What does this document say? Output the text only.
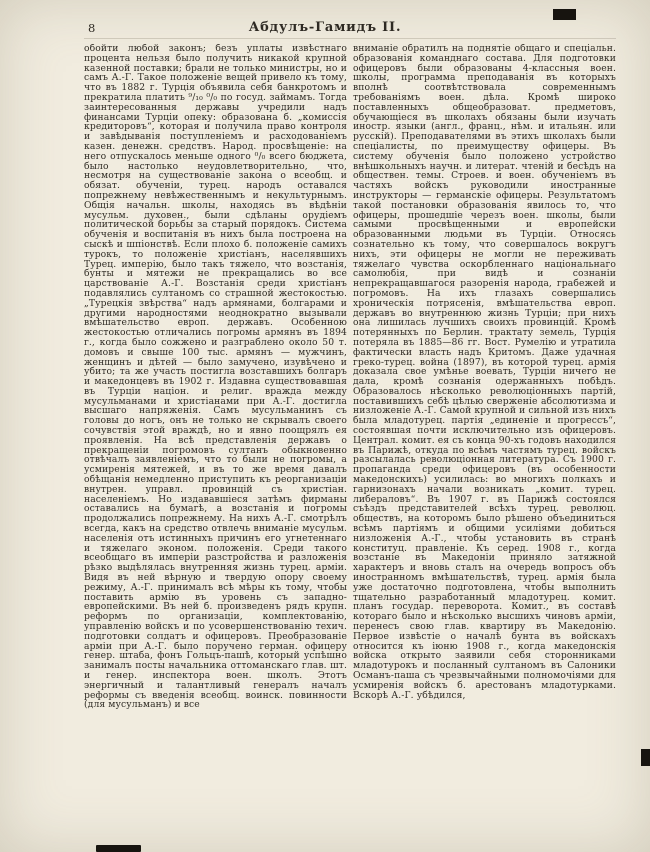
8	Абдулъ-Гамидъ II.
обойти любой законъ; безъ уплаты извѣстнаго процента нельзя было получить никакой крупной казенной поставки; брали не только министры, но и самъ А.-Г. Такое положеніе вещей привело къ тому, что въ 1882 г. Турція объявила себя банкротомъ и прекратила платить ⁹/₁₀ ⁰/₀ по госуд. займамъ. Тогда заинтересованныя державы учредили надъ финансами Турціи опеку: образована б. „комиссія кредиторовъ“, которая и получила право контроля и завѣдыванія поступленіемъ и расходованіемъ казен. денежн. средствъ. Народ. просвѣщеніе: на него отпускалось меньше одного ⁰/₀ всего бюджета, было настолько неудовлетворительно, что, несмотря на существованіе закона о всеобщ. и обязат. обученіи, турец. народъ оставался попрежнему невѣжественнымъ и некультурнымъ. Общія начальн. школы, находясь въ вѣдѣніи мусульм. духовен., были сдѣланы орудіемъ политической борьбы за старый порядокъ. Система обученія и воспитанія въ нихъ была построена на сыскѣ и шпіонствѣ. Если плохо б. положеніе самихъ турокъ, то положеніе христіанъ, населявшихъ Турец. имперію, было такъ тяжело, что возстанія, бунты и мятежи не прекращались во все царствованіе А.-Г. Возстанія среди христіанъ подавлялись султаномъ со страшной жестокостью. „Турецкія звѣрства“ надъ армянами, болгарами и другими народностями неоднократно вызывали вмѣшательство европ. державъ. Особенною жестокостью отличались погромы армянъ въ 1894 г., когда было сожжено и разграблено около 50 т. домовъ и свыше 100 тыс. армянъ — мужчинъ, женщинъ и дѣтей — было замучено, изувѣчено и убито; та же участь постигла возставшихъ болгаръ и македонцевъ въ 1902 г. Издавна существовавшая въ Турціи націон. и религ. вражда между мусульманами и христіанами при А.-Г. достигла высшаго напряженія. Самъ мусульманинъ съ головы до ногъ, онъ не только не скрывалъ своего сочувствія этой враждѣ, но и явно поощрялъ ея проявленія. На всѣ представленія державъ о прекращеніи погромовъ султанъ обыкновенно отвѣчалъ заявленіемъ, что то были не погромы, а усмиренія мятежей, и въ то же время давалъ обѣщанія немедленно приступить къ реорганизаціи внутрен. управл. провинцій съ христіан. населеніемъ. Но издававшіеся затѣмъ фирманы оставались на бумагѣ, а возстанія и погромы продолжались попрежнему. На нихъ А.-Г. смотрѣлъ всегда, какъ на средство отвлечь вниманіе мусульм. населенія отъ истинныхъ причинъ его угнетеннаго и тяжелаго эконом. положенія. Среди такого всеобщаго въ имперіи разстройства и разложенія рѣзко выдѣлялась внутренняя жизнь турец. арміи. Видя въ ней вѣрную и твердую опору своему режиму, А.-Г. принималъ всѣ мѣры къ тому, чтобы поставить армію въ уровень съ западно-европейскими. Въ ней б. произведенъ рядъ крупн. реформъ по организаціи, комплектованію, управленію войскъ и по усовершенствованію техич. подготовки солдатъ и офицеровъ. Преобразованіе арміи при А.-Г. было поручено герман. офицеру генер. штаба, фонъ Гольцъ-пашѣ, который успѣшно занималъ посты начальника оттоманскаго глав. шт. и генер. инспектора воен. школъ. Этотъ энергичный и талантливый генералъ началъ реформы съ введенія всеобщ. воинск. повинности (для мусульманъ) и все
вниманіе обратилъ на поднятіе общаго и спеціальн. образованія команднаго состава. Для подготовки офицеровъ были образованы 4-классныя воен. школы, программа преподаванія въ которыхъ вполнѣ соотвѣтствовала современнымъ требованіямъ воен. дѣла. Кромѣ широко поставленныхъ общеобразоват. предметовъ, обучающіеся въ школахъ обязаны были изучать иностр. языки (англ., франц., нѣм. и итальян. или русскій). Преподавателями въ этихъ школахъ были спеціалисты, по преимуществу офицеры. Въ систему обученія было положено устройство внѣшкольныхъ научн. и литерат. чтеній и бесѣдъ на обществен. темы. Строев. и воен. обученіемъ въ частяхъ войскъ руководили иностранные инструкторы — германскіе офицеры. Результатомъ такой постановки образованія явилось то, что офицеры, прошедшіе черезъ воен. школы, были самыми просвѣщенными и европейски образованными людьми въ Турціи. Относясь сознательно къ тому, что совершалось вокругъ нихъ, эти офицеры не могли не переживать тяжелаго чувства оскорбленнаго національнаго самолюбія, при видѣ и сознаніи непрекращавшагося разоренія народа, грабежей и погромовъ. На ихъ глазахъ совершались хроническія потрясенія, вмѣшательства европ. державъ во внутреннюю жизнь Турціи; при нихъ она лишилась лучшихъ своихъ провинцій. Кромѣ потерянныхъ по Берлин. трактату земель, Турція потеряла въ 1885—86 гг. Вост. Румелію и утратила фактически власть надъ Критомъ. Даже удачная греко-турец. война (1897), въ которой турец. армія доказала свое умѣнье воевать, Турціи ничего не дала, кромѣ сознанія одержанныхъ побѣдъ. Образовалось нѣсколько революціонныхъ партій, поставившихъ себѣ цѣлью сверженіе абсолютизма и низложеніе А.-Г. Самой крупной и сильной изъ нихъ была младотурец. партія „единеніе и прогрессъ“, состоявшая почти исключительно изъ офицеровъ. Централ. комит. ея съ конца 90-хъ годовъ находился въ Парижѣ, откуда по всѣмъ частямъ турец. войскъ разсылалась революціонная литература. Съ 1900 г. пропаганда среди офицеровъ (въ особенности македонскихъ) усилилась: во многихъ полкахъ и гарнизонахъ начали возникать „комит. турец. либераловъ“. Въ 1907 г. въ Парижѣ состоялся съѣздъ представителей всѣхъ турец. революц. обществъ, на которомъ было рѣшено объединиться всѣмъ партіямъ и общими усиліями добиться низложенія А.-Г., чтобы установить въ странѣ конституц. правленіе. Къ серед. 1908 г., когда возстаніе въ Македоніи приняло затяжной характеръ и вновь сталъ на очередь вопросъ объ иностранномъ вмѣшательствѣ, турец. армія была уже достаточно подготовлена, чтобы выполнить тщательно разработанный младотурец. комит. планъ государ. переворота. Комит., въ составѣ котораго было и нѣсколько высшихъ чиновъ арміи, перенесъ свою глав. квартиру въ Македонію. Первое извѣстіе о началѣ бунта въ войскахъ относится къ іюню 1908 г., когда македонскія войска открыто заявили себя сторонниками младотурокъ и посланный султаномъ въ Салоники Османъ-паша съ чрезвычайными полномочіями для усмиренія войскъ б. арестованъ младотурками. Вскорѣ А.-Г. убѣдился,
